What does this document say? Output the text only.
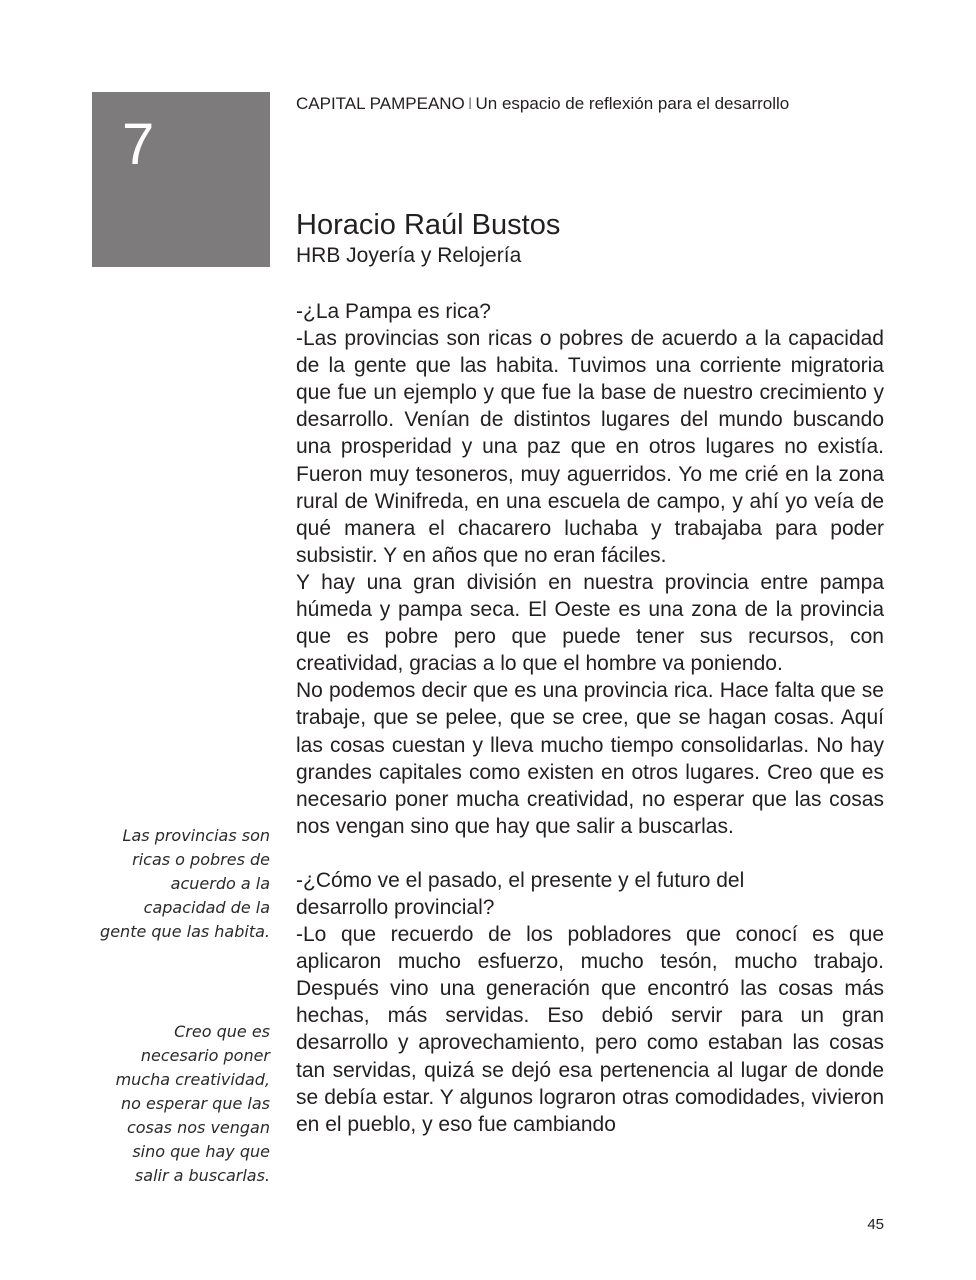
7
CAPITAL PAMPEANO I Un espacio de reflexión para el desarrollo
Horacio Raúl Bustos
HRB Joyería y Relojería

-¿La Pampa es rica?

-Las provincias son ricas o pobres de acuerdo a la capacidad de la gente que las habita. Tuvimos una corriente migratoria que fue un ejemplo y que fue la base de nuestro crecimiento y desarrollo. Venían de distintos lugares del mundo buscando una prosperidad y una paz que en otros lugares no existía. Fueron muy tesoneros, muy aguerridos. Yo me crié en la zona rural de Winifreda, en una escuela de campo, y ahí yo veía de qué manera el chacarero luchaba y trabajaba para poder subsistir. Y en años que no eran fáciles.

Y hay una gran división en nuestra provincia entre pampa húmeda y pampa seca. El Oeste es una zona de la provincia que es pobre pero que puede tener sus recursos, con creatividad, gracias a lo que el hombre va poniendo.

No podemos decir que es una provincia rica. Hace falta que se trabaje, que se pelee, que se cree, que se hagan cosas. Aquí las cosas cuestan y lleva mucho tiempo consolidarlas. No hay grandes capitales como existen en otros lugares. Creo que es necesario poner mucha creatividad, no esperar que las cosas nos vengan sino que hay que salir a buscarlas.

-¿Cómo ve el pasado, el presente y el futuro del desarrollo provincial?

-Lo que recuerdo de los pobladores que conocí es que aplicaron mucho esfuerzo, mucho tesón, mucho trabajo. Después vino una generación que encontró las cosas más hechas, más servidas. Eso debió servir para un gran desarrollo y aprovechamiento, pero como estaban las cosas tan servidas, quizá se dejó esa pertenencia al lugar de donde se debía estar. Y algunos lograron otras comodidades, vivieron en el pueblo, y eso fue cambiando

Las provincias son ricas o pobres de acuerdo a la capacidad de la gente que las habita.
Creo que es necesario poner mucha creatividad, no esperar que las cosas nos vengan sino que hay que salir a buscarlas.
45
